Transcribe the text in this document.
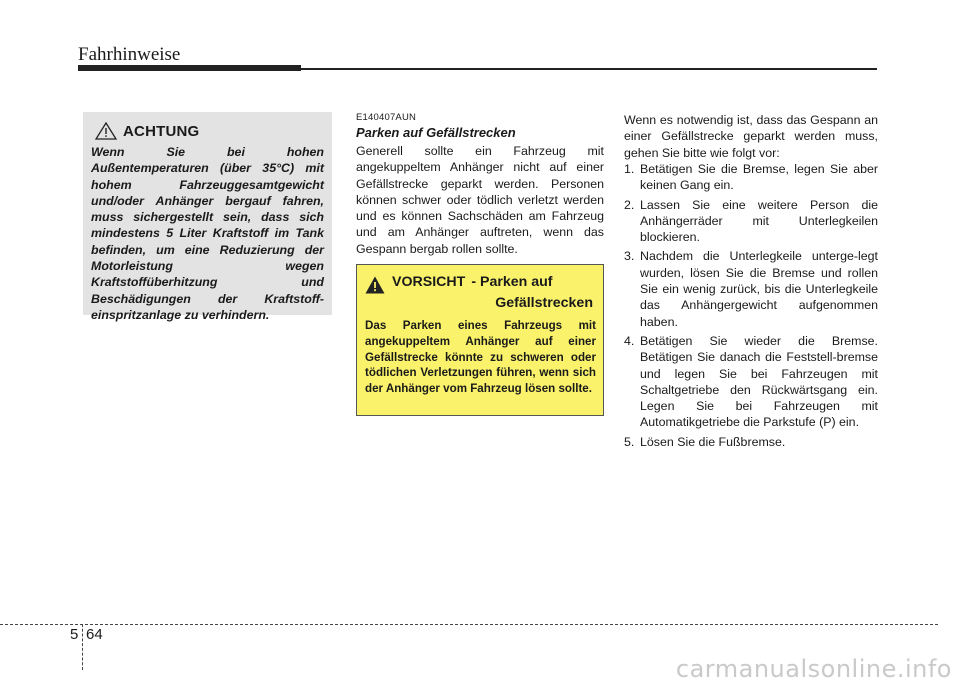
Fahrhinweise
ACHTUNG
Wenn Sie bei hohen Außentemperaturen (über 35°C) mit hohem Fahrzeuggesamtgewicht und/oder Anhänger bergauf fahren, muss sichergestellt sein, dass sich mindestens 5 Liter Kraftstoff im Tank befinden, um eine Reduzierung der Motorleistung wegen Kraftstoffüberhitzung und Beschädigungen der Kraftstoff-einspritzanlage zu verhindern.
E140407AUN
Parken auf Gefällstrecken

Generell sollte ein Fahrzeug mit angekuppeltem Anhänger nicht auf einer Gefällstrecke geparkt werden. Personen können schwer oder tödlich verletzt werden und es können Sachschäden am Fahrzeug und am Anhänger auftreten, wenn das Gespann bergab rollen sollte.

VORSICHT - Parken auf
Gefällstrecken
Das Parken eines Fahrzeugs mit angekuppeltem Anhänger auf einer Gefällstrecke könnte zu schweren oder tödlichen Verletzungen führen, wenn sich der Anhänger vom Fahrzeug lösen sollte.

Wenn es notwendig ist, dass das Gespann an einer Gefällstrecke geparkt werden muss, gehen Sie bitte wie folgt vor:

1. Betätigen Sie die Bremse, legen Sie aber keinen Gang ein.
2. Lassen Sie eine weitere Person die Anhängerräder mit Unterlegkeilen blockieren.
3. Nachdem die Unterlegkeile unterge-legt wurden, lösen Sie die Bremse und rollen Sie ein wenig zurück, bis die Unterlegkeile das Anhängergewicht aufgenommen haben.
4. Betätigen Sie wieder die Bremse. Betätigen Sie danach die Feststell-bremse und legen Sie bei Fahrzeugen mit Schaltgetriebe den Rückwärtsgang ein. Legen Sie bei Fahrzeugen mit Automatikgetriebe die Parkstufe (P) ein.
5. Lösen Sie die Fußbremse.
5 64
carmanualsonline.info
